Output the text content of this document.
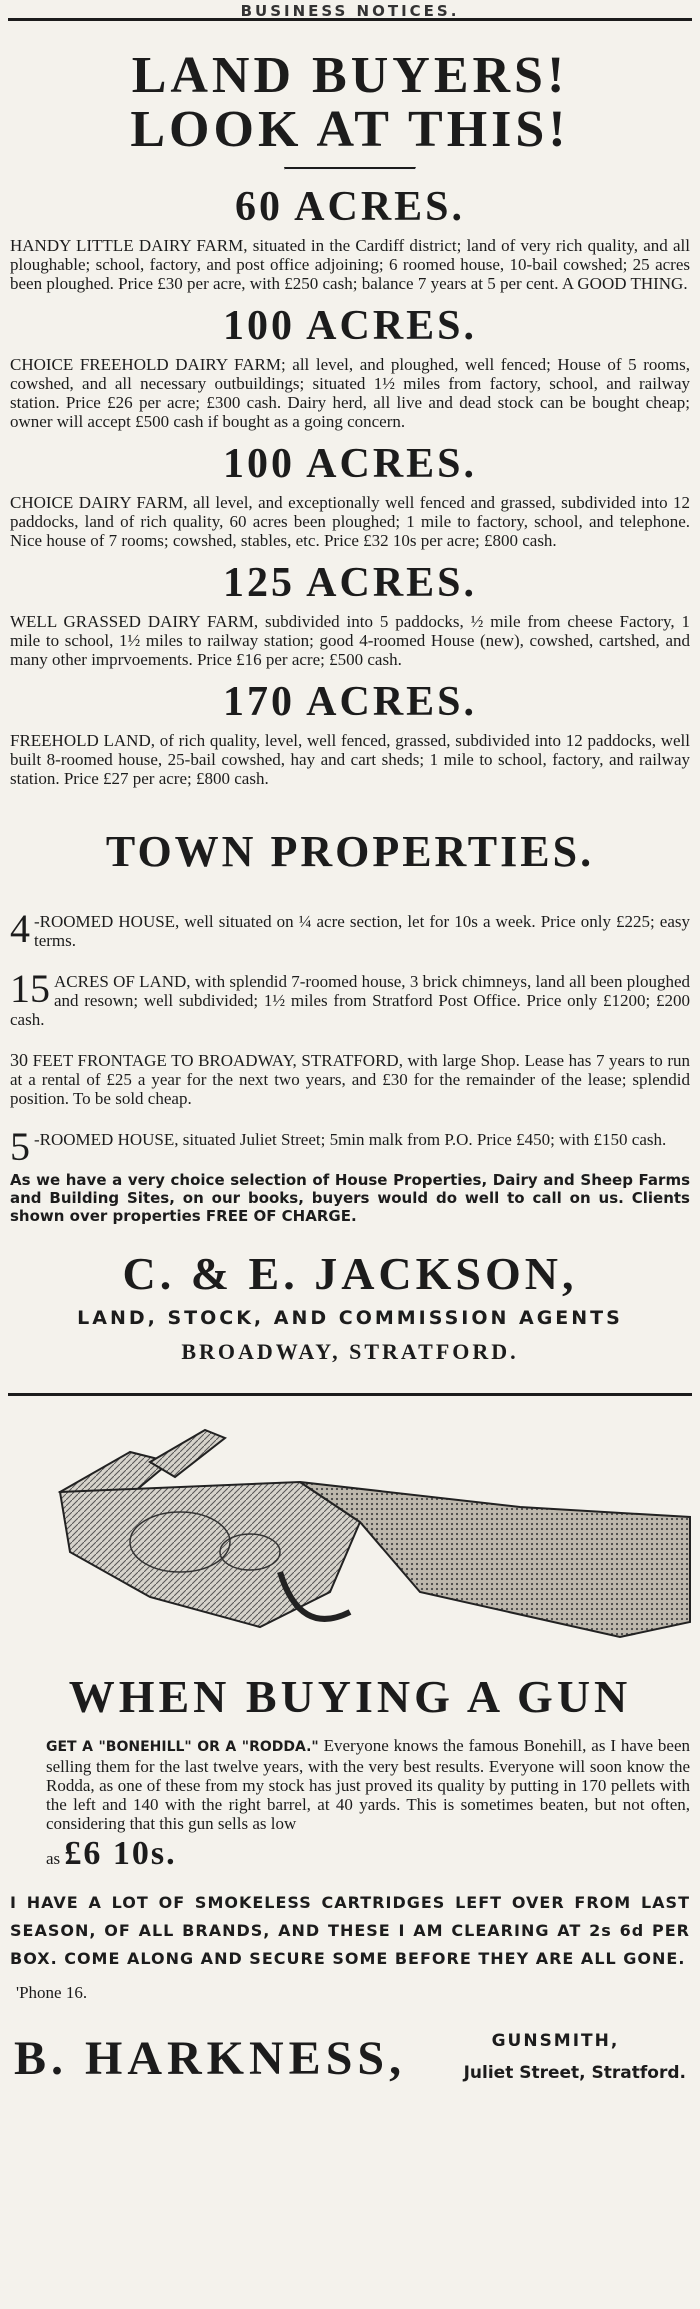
BUSINESS NOTICES.
LAND BUYERS!
LOOK AT THIS!
60 ACRES.

HANDY LITTLE DAIRY FARM, situated in the Cardiff district; land of very rich quality, and all ploughable; school, factory, and post office adjoining; 6 roomed house, 10-bail cowshed; 25 acres been ploughed. Price £30 per acre, with £250 cash; balance 7 years at 5 per cent. A GOOD THING.

100 ACRES.

CHOICE FREEHOLD DAIRY FARM; all level, and ploughed, well fenced; House of 5 rooms, cowshed, and all necessary outbuildings; situated 1½ miles from factory, school, and railway station. Price £26 per acre; £300 cash. Dairy herd, all live and dead stock can be bought cheap; owner will accept £500 cash if bought as a going concern.

100 ACRES.

CHOICE DAIRY FARM, all level, and exceptionally well fenced and grassed, subdivided into 12 paddocks, land of rich quality, 60 acres been ploughed; 1 mile to factory, school, and telephone. Nice house of 7 rooms; cowshed, stables, etc. Price £32 10s per acre; £800 cash.

125 ACRES.

WELL GRASSED DAIRY FARM, subdivided into 5 paddocks, ½ mile from cheese Factory, 1 mile to school, 1½ miles to railway station; good 4-roomed House (new), cowshed, cartshed, and many other imprvoements. Price £16 per acre; £500 cash.

170 ACRES.

FREEHOLD LAND, of rich quality, level, well fenced, grassed, subdivided into 12 paddocks, well built 8-roomed house, 25-bail cowshed, hay and cart sheds; 1 mile to school, factory, and railway station. Price £27 per acre; £800 cash.

TOWN PROPERTIES.
4 -ROOMED HOUSE, well situated on ¼ acre section, let for 10s a week. Price only £225; easy terms.
15 ACRES OF LAND, with splendid 7-roomed house, 3 brick chimneys, land all been ploughed and resown; well subdivided; 1½ miles from Stratford Post Office. Price only £1200; £200 cash.
30 FEET FRONTAGE TO BROADWAY, STRATFORD, with large Shop. Lease has 7 years to run at a rental of £25 a year for the next two years, and £30 for the remainder of the lease; splendid position. To be sold cheap.
5 -ROOMED HOUSE, situated Juliet Street; 5min malk from P.O. Price £450; with £150 cash.
As we have a very choice selection of House Properties, Dairy and Sheep Farms and Building Sites, on our books, buyers would do well to call on us. Clients shown over properties FREE OF CHARGE.
C. & E. JACKSON,
LAND, STOCK, AND COMMISSION AGENTS
BROADWAY, STRATFORD.
WHEN BUYING A GUN
GET A "BONEHILL" OR A "RODDA." Everyone knows the famous Bonehill, as I have been selling them for the last twelve years, with the very best results. Everyone will soon know the Rodda, as one of these from my stock has just proved its quality by putting in 170 pellets with the left and 140 with the right barrel, at 40 yards. This is sometimes beaten, but not often, considering that this gun sells as low
as £6 10s.
I HAVE A LOT OF SMOKELESS CARTRIDGES LEFT OVER FROM LAST SEASON, OF ALL BRANDS, AND THESE I AM CLEARING AT 2s 6d PER BOX. COME ALONG AND SECURE SOME BEFORE THEY ARE ALL GONE.
'Phone 16.
B. HARKNESS,	GUNSMITH,
Juliet Street, Stratford.
